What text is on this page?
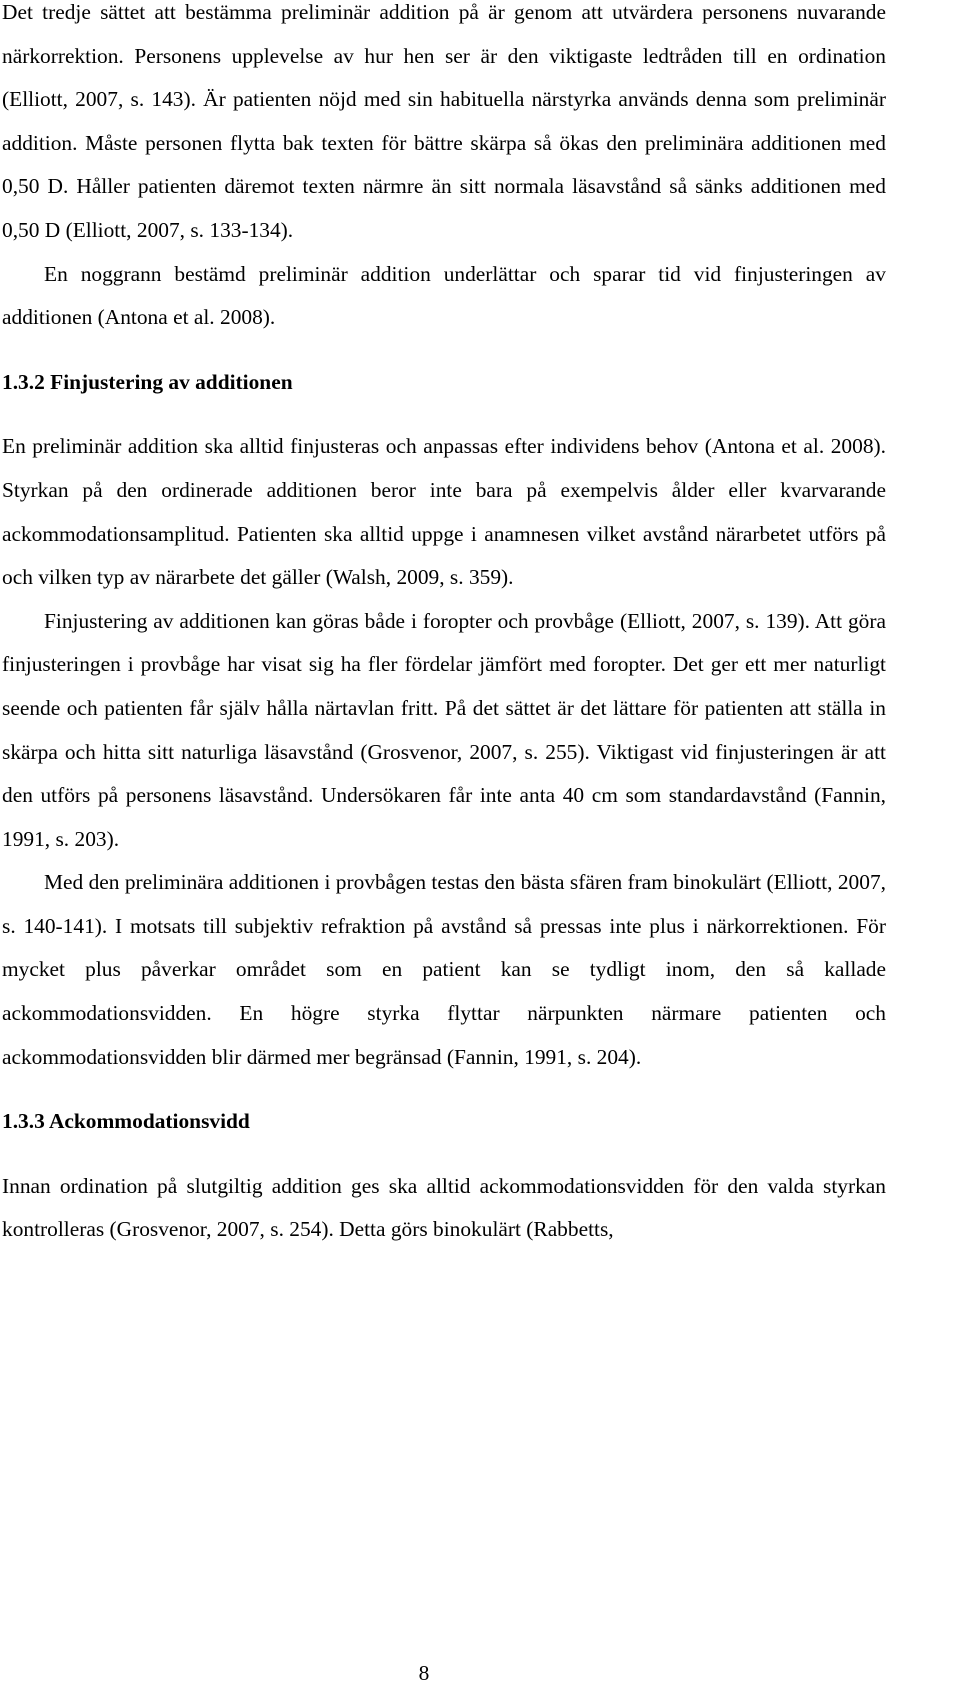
Det tredje sättet att bestämma preliminär addition på är genom att utvärdera personens nuvarande närkorrektion. Personens upplevelse av hur hen ser är den viktigaste ledtråden till en ordination (Elliott, 2007, s. 143). Är patienten nöjd med sin habituella närstyrka används denna som preliminär addition. Måste personen flytta bak texten för bättre skärpa så ökas den preliminära additionen med 0,50 D. Håller patienten däremot texten närmre än sitt normala läsavstånd så sänks additionen med 0,50 D (Elliott, 2007, s. 133-134).

En noggrann bestämd preliminär addition underlättar och sparar tid vid finjusteringen av additionen (Antona et al. 2008).

1.3.2 Finjustering av additionen

En preliminär addition ska alltid finjusteras och anpassas efter individens behov (Antona et al. 2008). Styrkan på den ordinerade additionen beror inte bara på exempelvis ålder eller kvarvarande ackommodationsamplitud. Patienten ska alltid uppge i anamnesen vilket avstånd närarbetet utförs på och vilken typ av närarbete det gäller (Walsh, 2009, s. 359).

Finjustering av additionen kan göras både i foropter och provbåge (Elliott, 2007, s. 139). Att göra finjusteringen i provbåge har visat sig ha fler fördelar jämfört med foropter. Det ger ett mer naturligt seende och patienten får själv hålla närtavlan fritt. På det sättet är det lättare för patienten att ställa in skärpa och hitta sitt naturliga läsavstånd (Grosvenor, 2007, s. 255). Viktigast vid finjusteringen är att den utförs på personens läsavstånd. Undersökaren får inte anta 40 cm som standardavstånd (Fannin, 1991, s. 203).

Med den preliminära additionen i provbågen testas den bästa sfären fram binokulärt (Elliott, 2007, s. 140-141). I motsats till subjektiv refraktion på avstånd så pressas inte plus i närkorrektionen. För mycket plus påverkar området som en patient kan se tydligt inom, den så kallade ackommodationsvidden. En högre styrka flyttar närpunkten närmare patienten och ackommodationsvidden blir därmed mer begränsad (Fannin, 1991, s. 204).

1.3.3 Ackommodationsvidd

Innan ordination på slutgiltig addition ges ska alltid ackommodationsvidden för den valda styrkan kontrolleras (Grosvenor, 2007, s. 254). Detta görs binokulärt (Rabbetts,

8
